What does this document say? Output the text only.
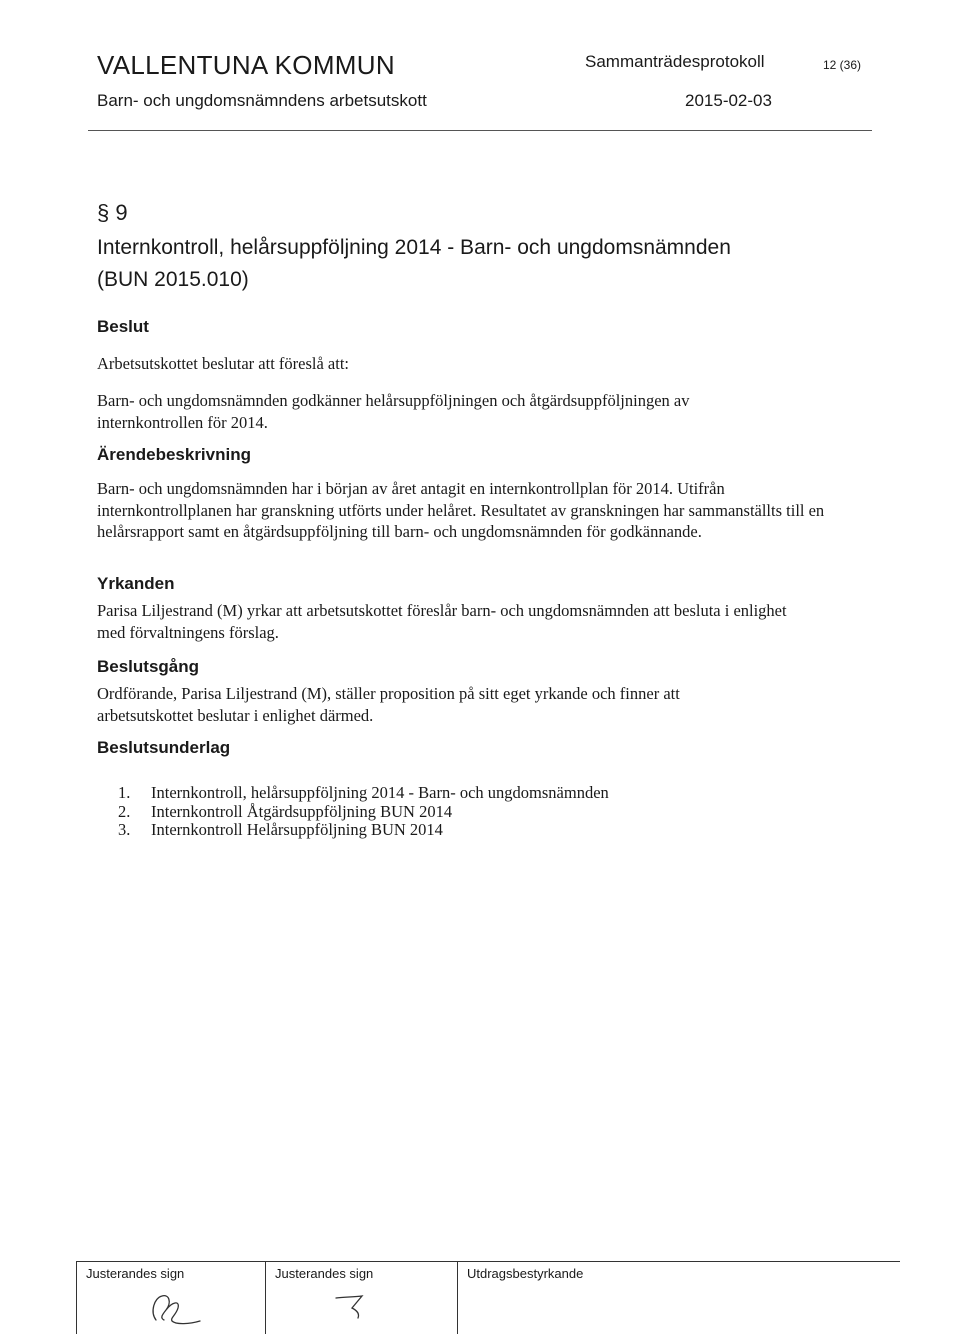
VALLENTUNA KOMMUN
Barn- och ungdomsnämndens arbetsutskott
Sammanträdesprotokoll	12 (36)
2015-02-03
§ 9
Internkontroll, helårsuppföljning 2014 - Barn- och ungdomsnämnden
(BUN 2015.010)
Beslut
Arbetsutskottet beslutar att föreslå att:
Barn- och ungdomsnämnden godkänner helårsuppföljningen och åtgärdsuppföljningen av internkontrollen för 2014.
Ärendebeskrivning
Barn- och ungdomsnämnden har i början av året antagit en internkontrollplan för 2014. Utifrån internkontrollplanen har granskning utförts under helåret. Resultatet av granskningen har sammanställts till en helårsrapport samt en åtgärdsuppföljning till barn- och ungdomsnämnden för godkännande.
Yrkanden
Parisa Liljestrand (M) yrkar att arbetsutskottet föreslår barn- och ungdomsnämnden att besluta i enlighet med förvaltningens förslag.
Beslutsgång
Ordförande, Parisa Liljestrand (M), ställer proposition på sitt eget yrkande och finner att arbetsutskottet beslutar i enlighet därmed.
Beslutsunderlag
1.	Internkontroll, helårsuppföljning 2014 - Barn- och ungdomsnämnden
2.	Internkontroll Åtgärdsuppföljning BUN 2014
3.	Internkontroll Helårsuppföljning BUN 2014
Justerandes sign	Justerandes sign	Utdragsbestyrkande
